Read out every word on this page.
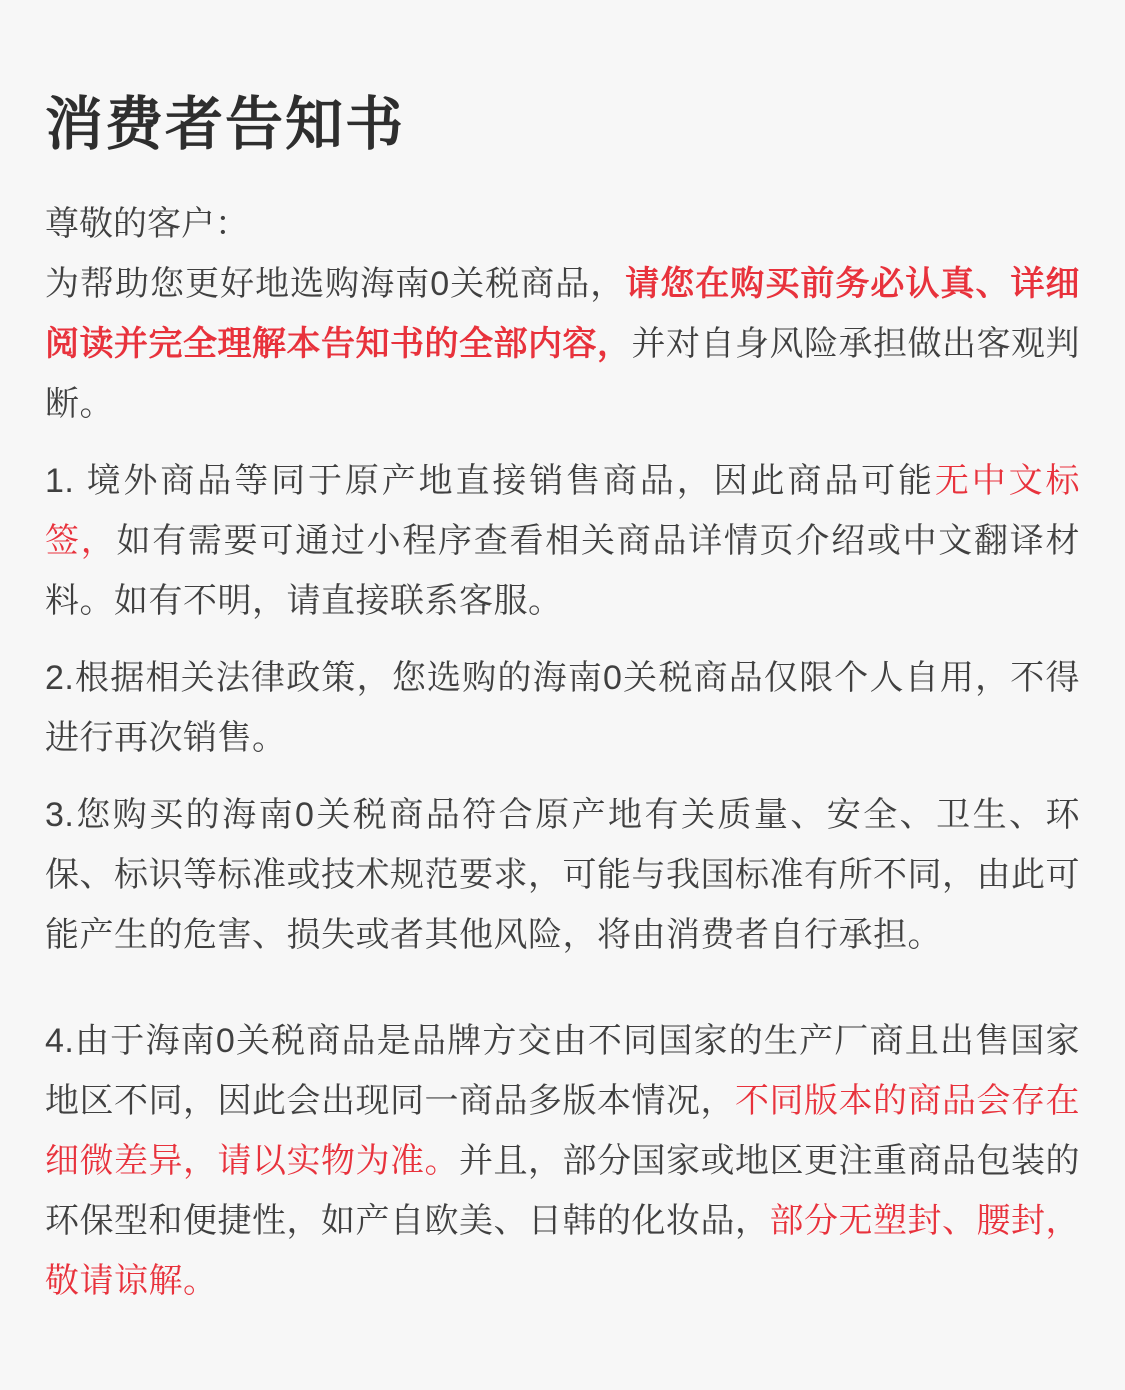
消费者告知书
尊敬的客户：

为帮助您更好地选购海南0关税商品，请您在购买前务必认真、详细阅读并完全理解本告知书的全部内容，并对自身风险承担做出客观判断。

1. 境外商品等同于原产地直接销售商品，因此商品可能无中文标签，如有需要可通过小程序查看相关商品详情页介绍或中文翻译材料。如有不明，请直接联系客服。

2.根据相关法律政策，您选购的海南0关税商品仅限个人自用，不得进行再次销售。

3.您购买的海南0关税商品符合原产地有关质量、安全、卫生、环保、标识等标准或技术规范要求，可能与我国标准有所不同，由此可能产生的危害、损失或者其他风险，将由消费者自行承担。

4.由于海南0关税商品是品牌方交由不同国家的生产厂商且出售国家地区不同，因此会出现同一商品多版本情况，不同版本的商品会存在细微差异，请以实物为准。并且，部分国家或地区更注重商品包装的环保型和便捷性，如产自欧美、日韩的化妆品，部分无塑封、腰封，敬请谅解。
